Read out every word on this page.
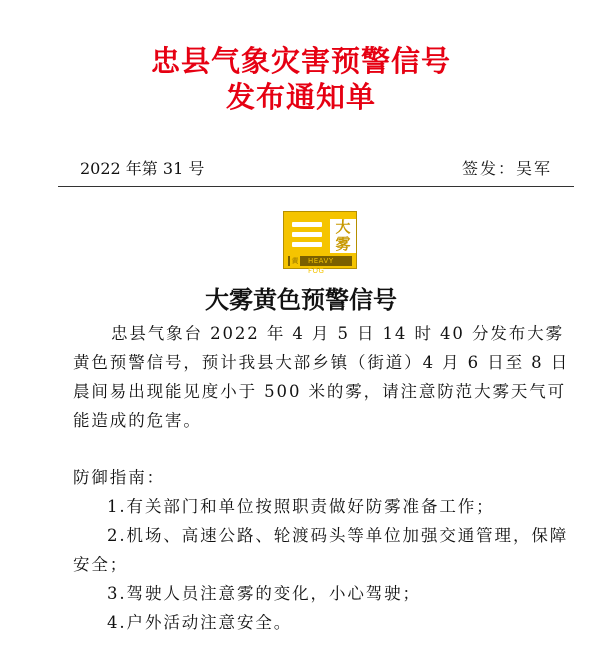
忠县气象灾害预警信号
发布通知单
2022 年第 31 号	签发：吴军
大雾
黄 HEAVY FOG
大雾黄色预警信号
忠县气象台 2022 年 4 月 5 日 14 时 40 分发布大雾黄色预警信号，预计我县大部乡镇（街道）4 月 6 日至 8 日晨间易出现能见度小于 500 米的雾，请注意防范大雾天气可能造成的危害。
防御指南：
1.有关部门和单位按照职责做好防雾准备工作；
2.机场、高速公路、轮渡码头等单位加强交通管理，保障安全；
3.驾驶人员注意雾的变化，小心驾驶；
4.户外活动注意安全。
